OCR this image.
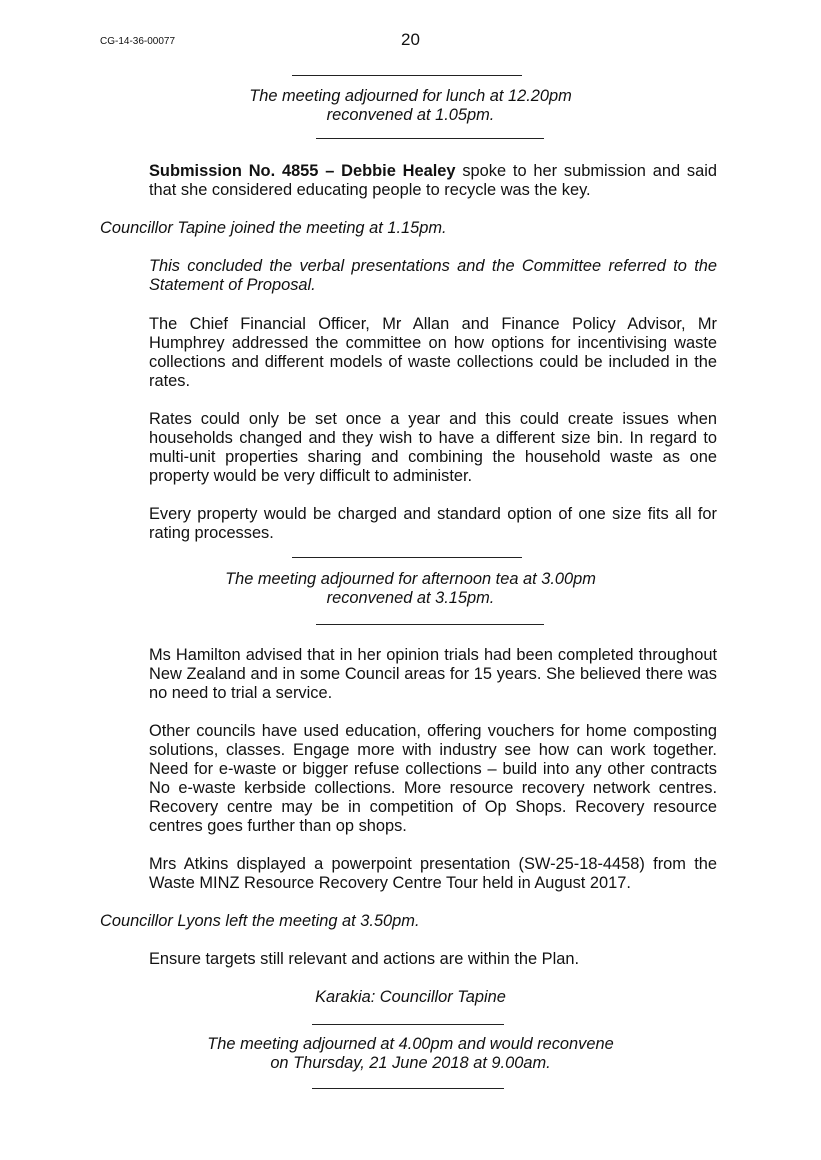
CG-14-36-00077	20
The meeting adjourned for lunch at 12.20pm
reconvened at 1.05pm.
Submission No. 4855 – Debbie Healey spoke to her submission and said that she considered educating people to recycle was the key.
Councillor Tapine joined the meeting at 1.15pm.
This concluded the verbal presentations and the Committee referred to the Statement of Proposal.
The Chief Financial Officer, Mr Allan and Finance Policy Advisor, Mr Humphrey addressed the committee on how options for incentivising waste collections and different models of waste collections could be included in the rates.
Rates could only be set once a year and this could create issues when households changed and they wish to have a different size bin. In regard to multi-unit properties sharing and combining the household waste as one property would be very difficult to administer.
Every property would be charged and standard option of one size fits all for rating processes.
The meeting adjourned for afternoon tea at 3.00pm
reconvened at 3.15pm.
Ms Hamilton advised that in her opinion trials had been completed throughout New Zealand and in some Council areas for 15 years. She believed there was no need to trial a service.
Other councils have used education, offering vouchers for home composting solutions, classes. Engage more with industry see how can work together. Need for e-waste or bigger refuse collections – build into any other contracts No e-waste kerbside collections. More resource recovery network centres. Recovery centre may be in competition of Op Shops. Recovery resource centres goes further than op shops.
Mrs Atkins displayed a powerpoint presentation (SW-25-18-4458) from the Waste MINZ Resource Recovery Centre Tour held in August 2017.
Councillor Lyons left the meeting at 3.50pm.
Ensure targets still relevant and actions are within the Plan.
Karakia: Councillor Tapine
The meeting adjourned at 4.00pm and would reconvene
on Thursday, 21 June 2018 at 9.00am.
